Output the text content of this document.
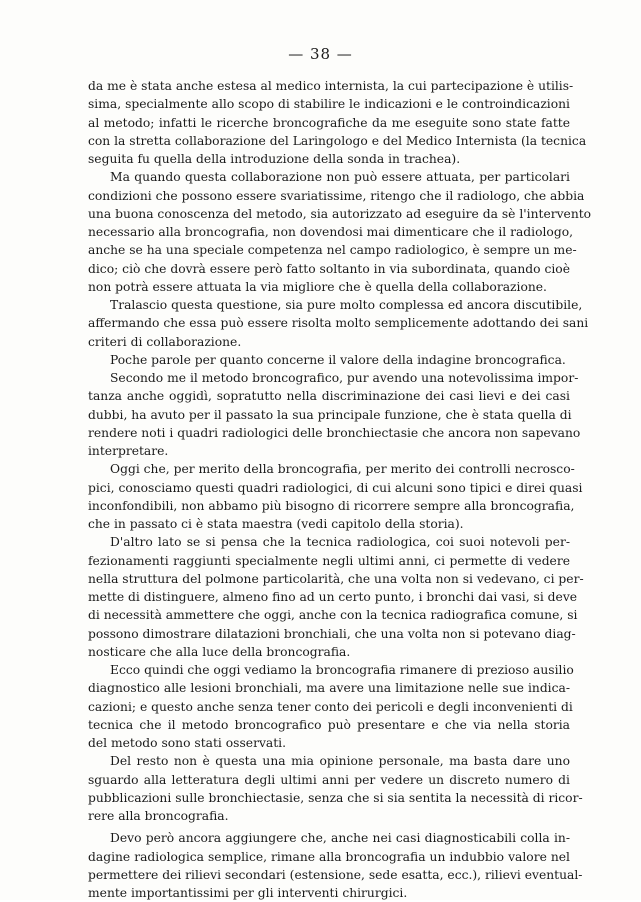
— 38 —
da me è stata anche estesa al medico internista, la cui partecipazione è utilis-
sima, specialmente allo scopo di stabilire le indicazioni e le controindicazioni
al metodo; infatti le ricerche broncografiche da me eseguite sono state fatte
con la stretta collaborazione del Laringologo e del Medico Internista (la tecnica
seguita fu quella della introduzione della sonda in trachea).
Ma quando questa collaborazione non può essere attuata, per particolari
condizioni che possono essere svariatissime, ritengo che il radiologo, che abbia
una buona conoscenza del metodo, sia autorizzato ad eseguire da sè l'intervento
necessario alla broncografia, non dovendosi mai dimenticare che il radiologo,
anche se ha una speciale competenza nel campo radiologico, è sempre un me-
dico; ciò che dovrà essere però fatto soltanto in via subordinata, quando cioè
non potrà essere attuata la via migliore che è quella della collaborazione.
Tralascio questa questione, sia pure molto complessa ed ancora discutibile,
affermando che essa può essere risolta molto semplicemente adottando dei sani
criteri di collaborazione.
Poche parole per quanto concerne il valore della indagine broncografica.
Secondo me il metodo broncografico, pur avendo una notevolissima impor-
tanza anche oggidì, sopratutto nella discriminazione dei casi lievi e dei casi
dubbi, ha avuto per il passato la sua principale funzione, che è stata quella di
rendere noti i quadri radiologici delle bronchiectasie che ancora non sapevano
interpretare.
Oggi che, per merito della broncografia, per merito dei controlli necrosco-
pici, conosciamo questi quadri radiologici, di cui alcuni sono tipici e direi quasi
inconfondibili, non abbamo più bisogno di ricorrere sempre alla broncografia,
che in passato ci è stata maestra (vedi capitolo della storia).
D'altro lato se si pensa che la tecnica radiologica, coi suoi notevoli per-
fezionamenti raggiunti specialmente negli ultimi anni, ci permette di vedere
nella struttura del polmone particolarità, che una volta non si vedevano, ci per-
mette di distinguere, almeno fino ad un certo punto, i bronchi dai vasi, si deve
di necessità ammettere che oggi, anche con la tecnica radiografica comune, si
possono dimostrare dilatazioni bronchiali, che una volta non si potevano diag-
nosticare che alla luce della broncografia.
Ecco quindi che oggi vediamo la broncografia rimanere di prezioso ausilio
diagnostico alle lesioni bronchiali, ma avere una limitazione nelle sue indica-
cazioni; e questo anche senza tener conto dei pericoli e degli inconvenienti di
tecnica che il metodo broncografico può presentare e che via nella storia
del metodo sono stati osservati.
Del resto non è questa una mia opinione personale, ma basta dare uno
sguardo alla letteratura degli ultimi anni per vedere un discreto numero di
pubblicazioni sulle bronchiectasie, senza che si sia sentita la necessità di ricor-
rere alla broncografia.
Devo però ancora aggiungere che, anche nei casi diagnosticabili colla in-
dagine radiologica semplice, rimane alla broncografia un indubbio valore nel
permettere dei rilievi secondari (estensione, sede esatta, ecc.), rilievi eventual-
mente importantissimi per gli interventi chirurgici.
